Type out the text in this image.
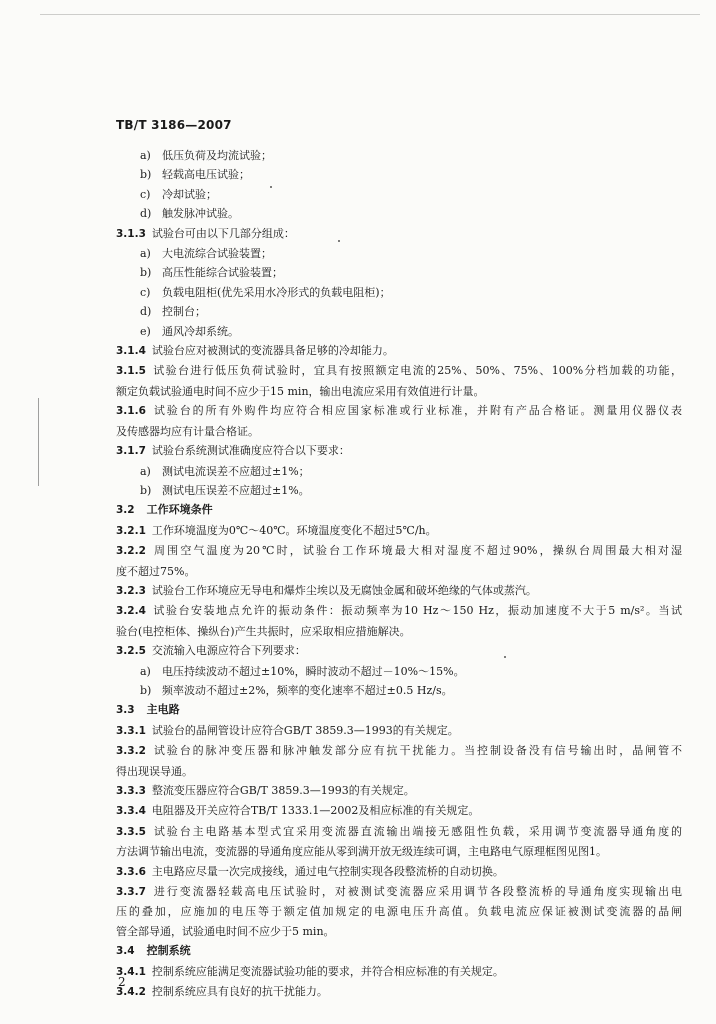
TB/T 3186—2007
a) 低压负荷及均流试验；
b) 轻载高电压试验；
c) 冷却试验；
d) 触发脉冲试验。
3.1.3 试验台可由以下几部分组成：
a) 大电流综合试验装置；
b) 高压性能综合试验装置；
c) 负载电阻柜(优先采用水冷形式的负载电阻柜)；
d) 控制台；
e) 通风冷却系统。
3.1.4 试验台应对被测试的变流器具备足够的冷却能力。
3.1.5 试验台进行低压负荷试验时，宜具有按照额定电流的25%、50%、75%、100%分档加载的功能，
额定负载试验通电时间不应少于15 min，输出电流应采用有效值进行计量。
3.1.6 试验台的所有外购件均应符合相应国家标准或行业标准，并附有产品合格证。测量用仪器仪表
及传感器均应有计量合格证。
3.1.7 试验台系统测试准确度应符合以下要求：
a) 测试电流误差不应超过±1%；
b) 测试电压误差不应超过±1%。
3.2 工作环境条件
3.2.1 工作环境温度为0℃～40℃。环境温度变化不超过5℃/h。
3.2.2 周围空气温度为20℃时，试验台工作环境最大相对湿度不超过90%，操纵台周围最大相对湿
度不超过75%。
3.2.3 试验台工作环境应无导电和爆炸尘埃以及无腐蚀金属和破坏绝缘的气体或蒸汽。
3.2.4 试验台安装地点允许的振动条件：振动频率为10 Hz～150 Hz，振动加速度不大于5 m/s²。当试
验台(电控柜体、操纵台)产生共振时，应采取相应措施解决。
3.2.5 交流输入电源应符合下列要求：
a) 电压持续波动不超过±10%，瞬时波动不超过－10%～15%。
b) 频率波动不超过±2%，频率的变化速率不超过±0.5 Hz/s。
3.3 主电路
3.3.1 试验台的晶闸管设计应符合GB/T 3859.3—1993的有关规定。
3.3.2 试验台的脉冲变压器和脉冲触发部分应有抗干扰能力。当控制设备没有信号输出时，晶闸管不
得出现误导通。
3.3.3 整流变压器应符合GB/T 3859.3—1993的有关规定。
3.3.4 电阻器及开关应符合TB/T 1333.1—2002及相应标准的有关规定。
3.3.5 试验台主电路基本型式宜采用变流器直流输出端接无感阻性负载，采用调节变流器导通角度的
方法调节输出电流，变流器的导通角度应能从零到满开放无级连续可调，主电路电气原理框图见图1。
3.3.6 主电路应尽量一次完成接线，通过电气控制实现各段整流桥的自动切换。
3.3.7 进行变流器轻载高电压试验时，对被测试变流器应采用调节各段整流桥的导通角度实现输出电
压的叠加，应施加的电压等于额定值加规定的电源电压升高值。负载电流应保证被测试变流器的晶闸
管全部导通，试验通电时间不应少于5 min。
3.4 控制系统
3.4.1 控制系统应能满足变流器试验功能的要求，并符合相应标准的有关规定。
3.4.2 控制系统应具有良好的抗干扰能力。
2
